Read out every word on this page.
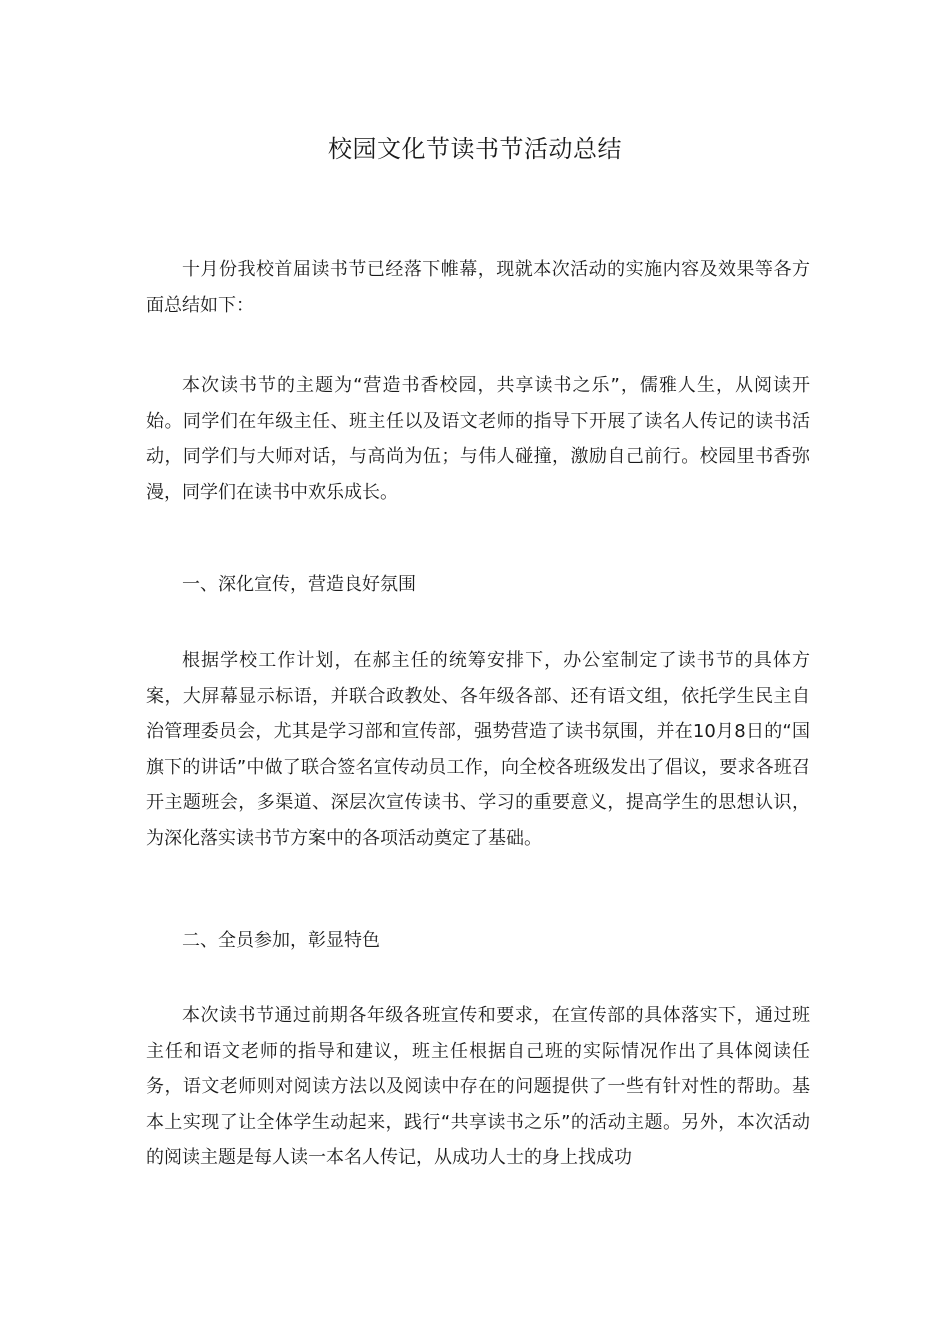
校园文化节读书节活动总结

十月份我校首届读书节已经落下帷幕，现就本次活动的实施内容及效果等各方面总结如下：

本次读书节的主题为“营造书香校园，共享读书之乐”，儒雅人生，从阅读开始。同学们在年级主任、班主任以及语文老师的指导下开展了读名人传记的读书活动，同学们与大师对话，与高尚为伍；与伟人碰撞，激励自己前行。校园里书香弥漫，同学们在读书中欢乐成长。

一、深化宣传，营造良好氛围

根据学校工作计划，在郝主任的统筹安排下，办公室制定了读书节的具体方案，大屏幕显示标语，并联合政教处、各年级各部、还有语文组，依托学生民主自治管理委员会，尤其是学习部和宣传部，强势营造了读书氛围，并在10月8日的“国旗下的讲话”中做了联合签名宣传动员工作，向全校各班级发出了倡议，要求各班召开主题班会，多渠道、深层次宣传读书、学习的重要意义，提高学生的思想认识，为深化落实读书节方案中的各项活动奠定了基础。

二、全员参加，彰显特色

本次读书节通过前期各年级各班宣传和要求，在宣传部的具体落实下，通过班主任和语文老师的指导和建议，班主任根据自己班的实际情况作出了具体阅读任务，语文老师则对阅读方法以及阅读中存在的问题提供了一些有针对性的帮助。基本上实现了让全体学生动起来，践行“共享读书之乐”的活动主题。另外，本次活动的阅读主题是每人读一本名人传记，从成功人士的身上找成功
